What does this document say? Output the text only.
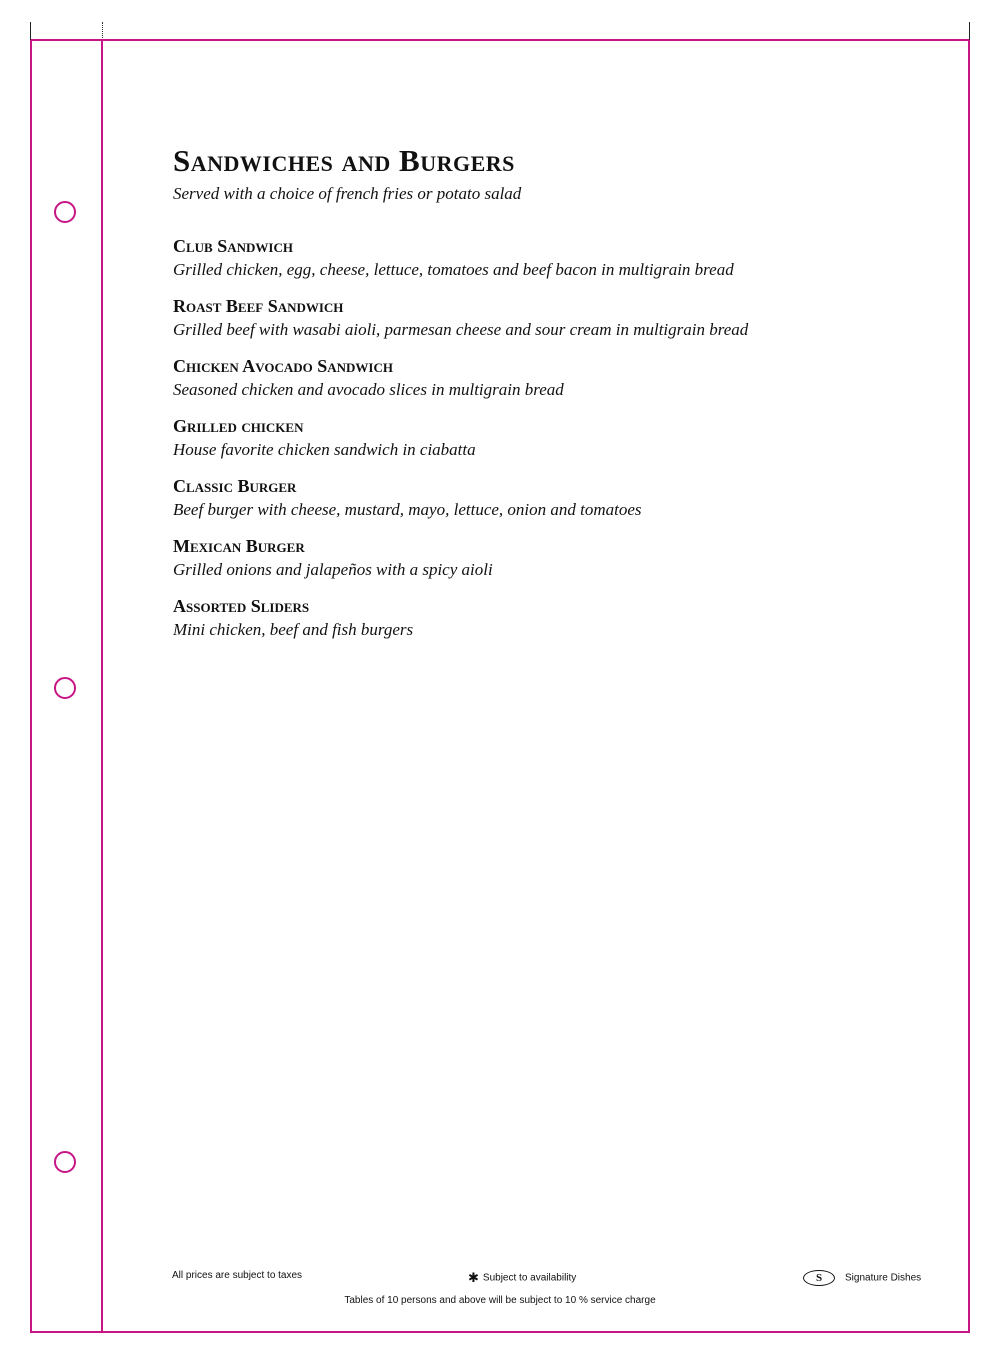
Sandwiches and Burgers

Served with a choice of french fries or potato salad

Club Sandwich
Grilled chicken, egg, cheese, lettuce, tomatoes and beef bacon in multigrain bread
Roast Beef Sandwich
Grilled beef with wasabi aioli, parmesan cheese and sour cream in multigrain bread
Chicken Avocado Sandwich
Seasoned chicken and avocado slices in multigrain bread
Grilled chicken
House favorite chicken sandwich in ciabatta
Classic Burger
Beef burger with cheese, mustard, mayo, lettuce, onion and tomatoes
Mexican Burger
Grilled onions and jalapeños with a spicy aioli
Assorted Sliders
Mini chicken, beef and fish burgers
All prices are subject to taxes	✱ Subject to availability	S Signature Dishes
Tables of 10 persons and above will be subject to 10 % service charge
